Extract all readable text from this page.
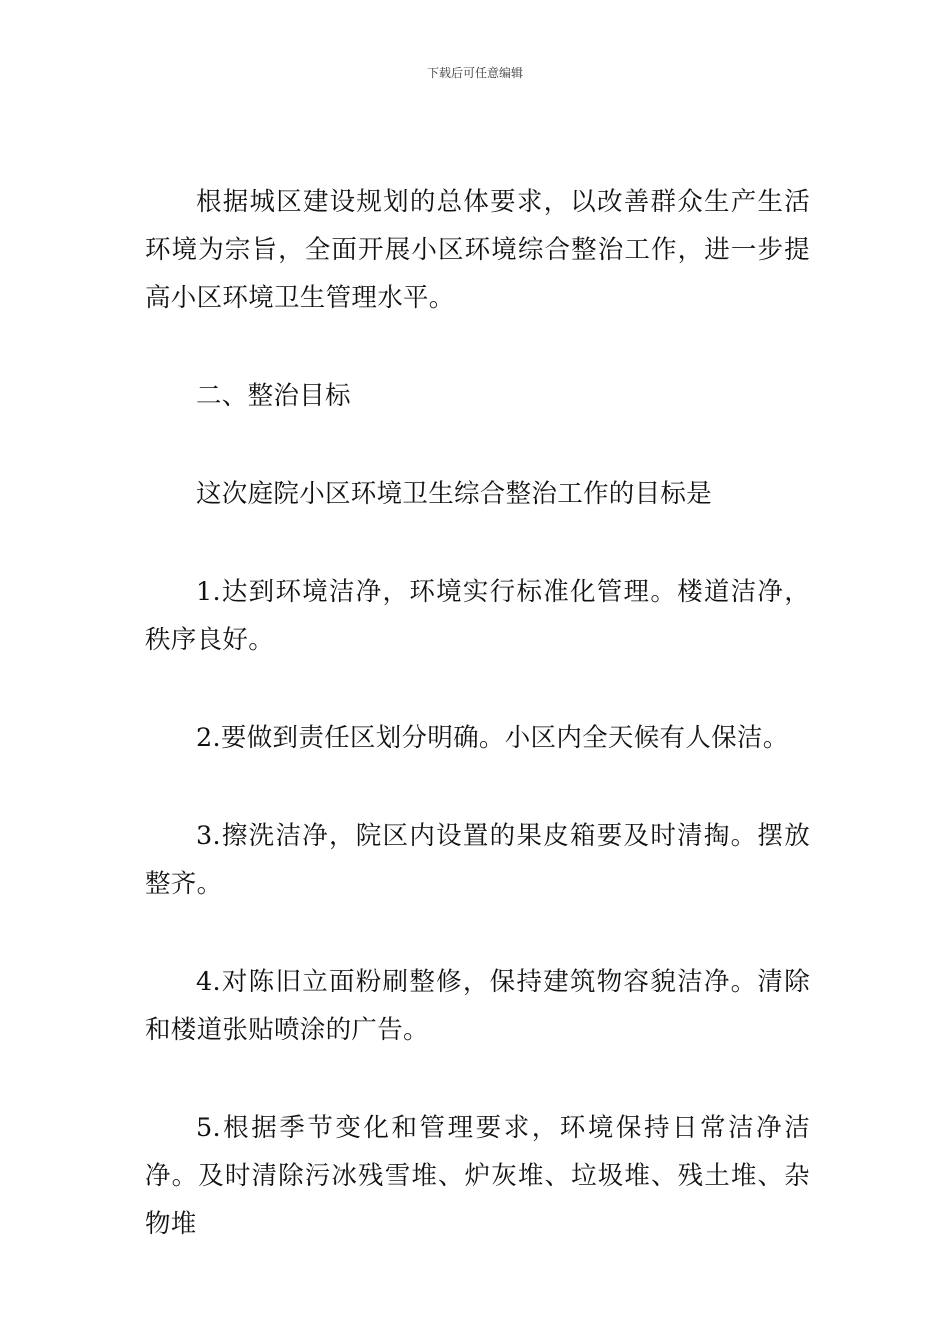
下载后可任意编辑

根据城区建设规划的总体要求，以改善群众生产生活环境为宗旨，全面开展小区环境综合整治工作，进一步提高小区环境卫生管理水平。

二、整治目标

这次庭院小区环境卫生综合整治工作的目标是

1.达到环境洁净，环境实行标准化管理。楼道洁净，秩序良好。

2.要做到责任区划分明确。小区内全天候有人保洁。

3.擦洗洁净，院区内设置的果皮箱要及时清掏。摆放整齐。

4.对陈旧立面粉刷整修，保持建筑物容貌洁净。清除和楼道张贴喷涂的广告。

5.根据季节变化和管理要求，环境保持日常洁净洁净。及时清除污冰残雪堆、炉灰堆、垃圾堆、残土堆、杂物堆
